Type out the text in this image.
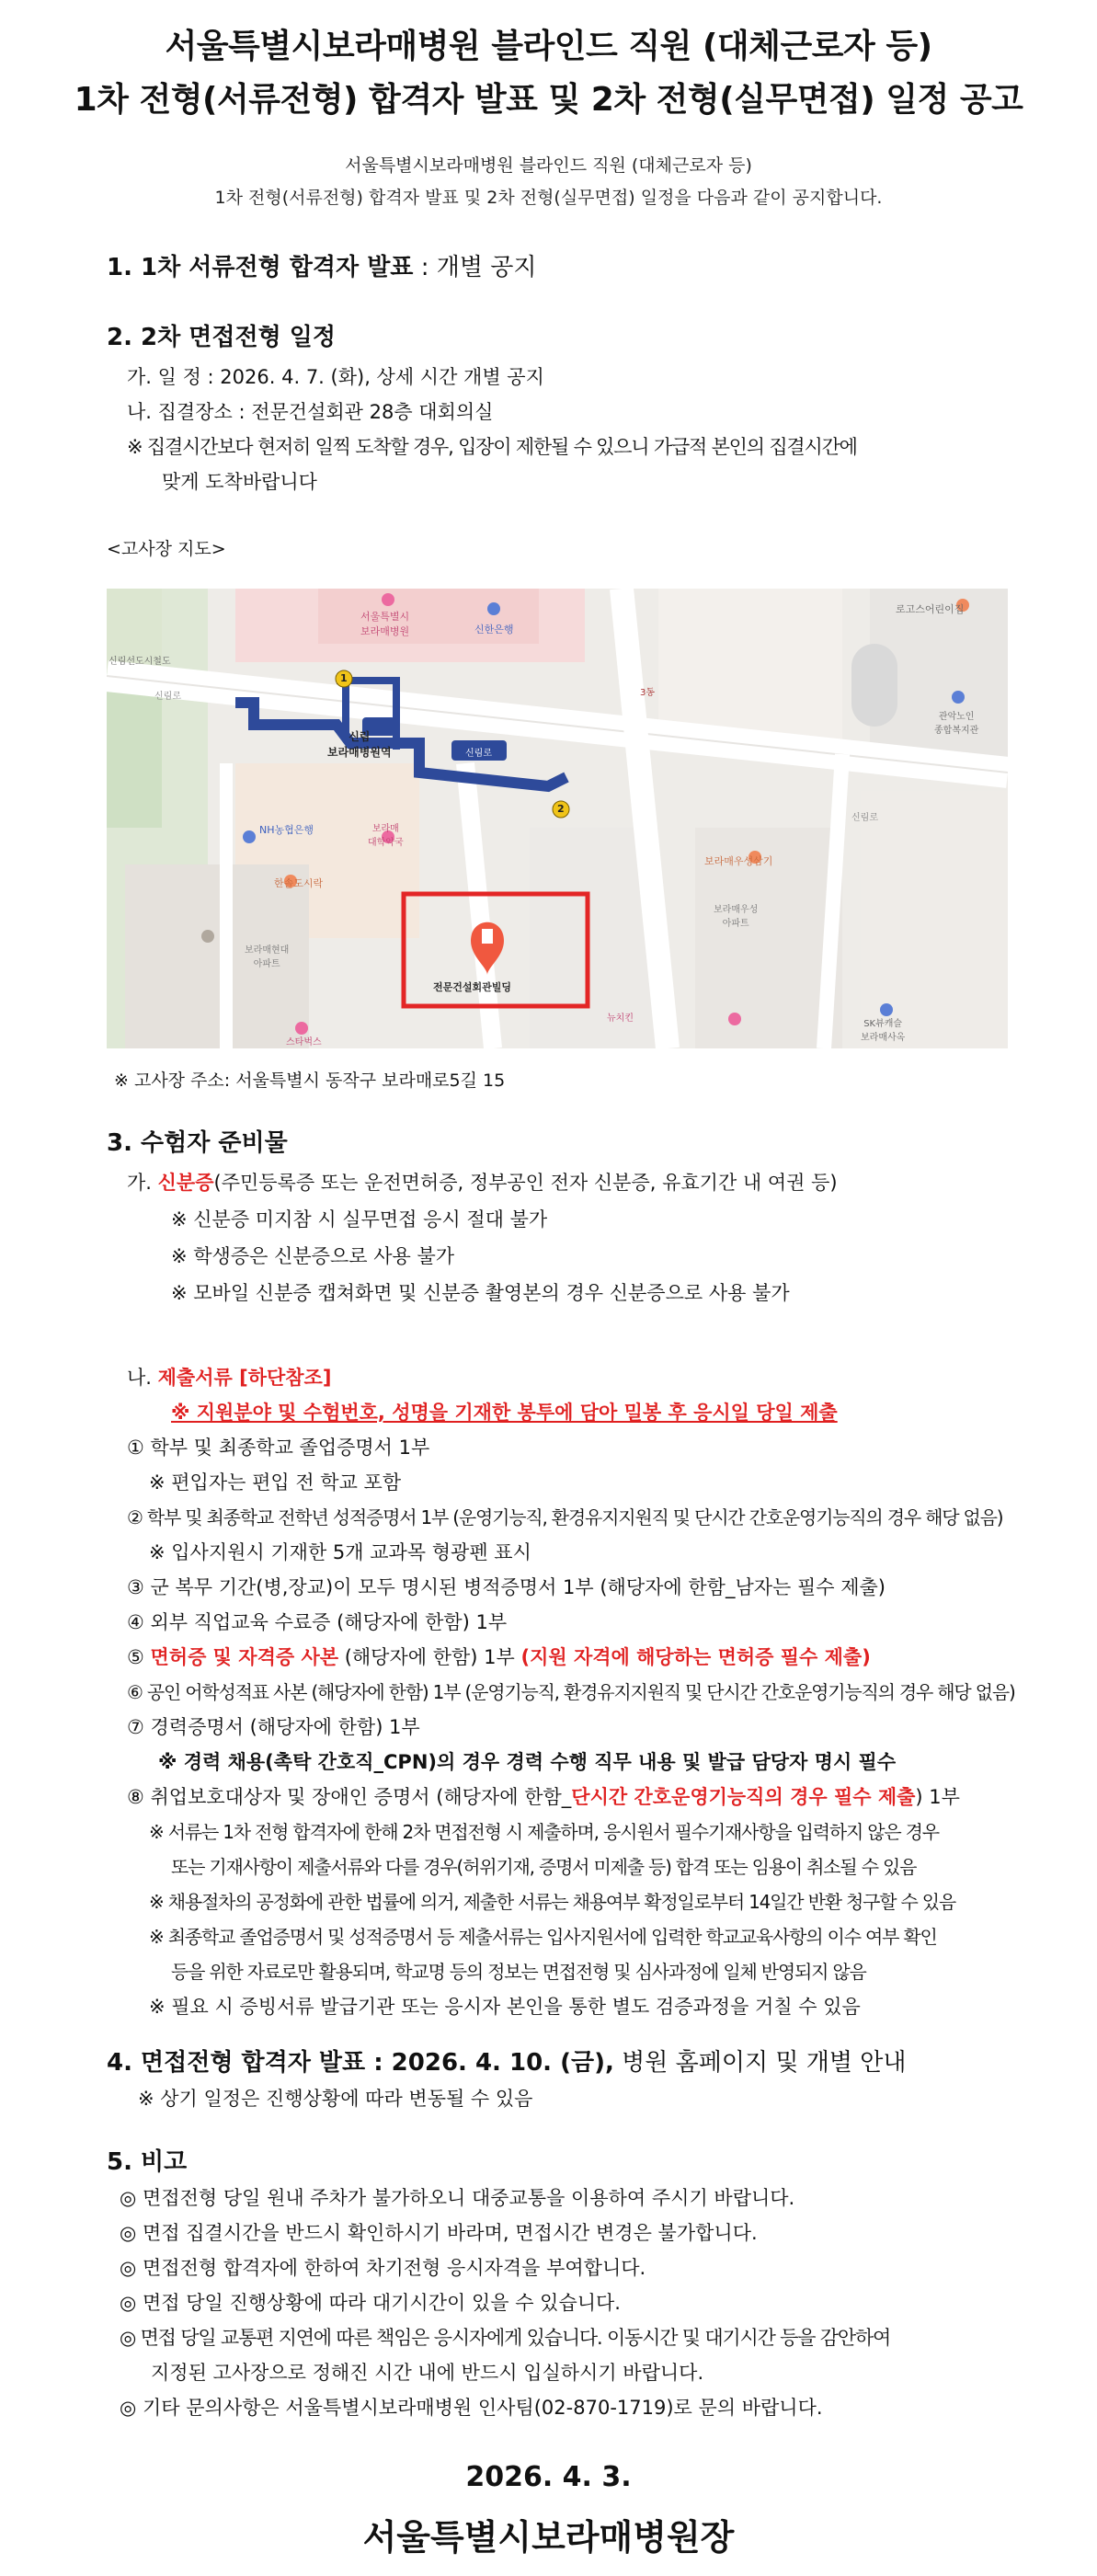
서울특별시보라매병원 블라인드 직원 (대체근로자 등)
1차 전형(서류전형) 합격자 발표 및 2차 전형(실무면접) 일정 공고
서울특별시보라매병원 블라인드 직원 (대체근로자 등)
1차 전형(서류전형) 합격자 발표 및 2차 전형(실무면접) 일정을 다음과 같이 공지합니다.
1. 1차 서류전형 합격자 발표 : 개별 공지
2. 2차 면접전형 일정
가. 일 정 : 2026. 4. 7. (화), 상세 시간 개별 공지
나. 집결장소 : 전문건설회관 28층 대회의실
※ 집결시간보다 현저히 일찍 도착할 경우, 입장이 제한될 수 있으니 가급적 본인의 집결시간에
맞게 도착바랍니다
<고사장 지도>
신림선도시철도
서울특별시
보라매병원	신한은행
로고스어린이집
관악노인
종합복지관
신림
보라매병원역
NH농협은행	보라매
대학약국
한솔도시락
보라매현대
아파트
전문건설회관빌딩
보라매우성삼기
보라매우성
아파트
스타벅스
SK뷰캐슬
보라매사옥
뉴치킨
신림로
신림로
신림로
1
2
3동
※ 고사장 주소: 서울특별시 동작구 보라매로5길 15
3. 수험자 준비물
가. 신분증(주민등록증 또는 운전면허증, 정부공인 전자 신분증, 유효기간 내 여권 등)
※ 신분증 미지참 시 실무면접 응시 절대 불가
※ 학생증은 신분증으로 사용 불가
※ 모바일 신분증 캡쳐화면 및 신분증 촬영본의 경우 신분증으로 사용 불가
나. 제출서류 [하단참조]
※ 지원분야 및 수험번호, 성명을 기재한 봉투에 담아 밀봉 후 응시일 당일 제출
① 학부 및 최종학교 졸업증명서 1부
※ 편입자는 편입 전 학교 포함
② 학부 및 최종학교 전학년 성적증명서 1부 (운영기능직, 환경유지지원직 및 단시간 간호운영기능직의 경우 해당 없음)
※ 입사지원시 기재한 5개 교과목 형광펜 표시
③ 군 복무 기간(병,장교)이 모두 명시된 병적증명서 1부 (해당자에 한함_남자는 필수 제출)
④ 외부 직업교육 수료증 (해당자에 한함) 1부
⑤ 면허증 및 자격증 사본 (해당자에 한함) 1부 (지원 자격에 해당하는 면허증 필수 제출)
⑥ 공인 어학성적표 사본 (해당자에 한함) 1부 (운영기능직, 환경유지지원직 및 단시간 간호운영기능직의 경우 해당 없음)
⑦ 경력증명서 (해당자에 한함) 1부
※ 경력 채용(촉탁 간호직_CPN)의 경우 경력 수행 직무 내용 및 발급 담당자 명시 필수
⑧ 취업보호대상자 및 장애인 증명서 (해당자에 한함_단시간 간호운영기능직의 경우 필수 제출) 1부
※ 서류는 1차 전형 합격자에 한해 2차 면접전형 시 제출하며, 응시원서 필수기재사항을 입력하지 않은 경우
또는 기재사항이 제출서류와 다를 경우(허위기재, 증명서 미제출 등) 합격 또는 임용이 취소될 수 있음
※ 채용절차의 공정화에 관한 법률에 의거, 제출한 서류는 채용여부 확정일로부터 14일간 반환 청구할 수 있음
※ 최종학교 졸업증명서 및 성적증명서 등 제출서류는 입사지원서에 입력한 학교교육사항의 이수 여부 확인
등을 위한 자료로만 활용되며, 학교명 등의 정보는 면접전형 및 심사과정에 일체 반영되지 않음
※ 필요 시 증빙서류 발급기관 또는 응시자 본인을 통한 별도 검증과정을 거칠 수 있음
4. 면접전형 합격자 발표 : 2026. 4. 10. (금), 병원 홈페이지 및 개별 안내
※ 상기 일정은 진행상황에 따라 변동될 수 있음
5. 비고
◎ 면접전형 당일 원내 주차가 불가하오니 대중교통을 이용하여 주시기 바랍니다.
◎ 면접 집결시간을 반드시 확인하시기 바라며, 면접시간 변경은 불가합니다.
◎ 면접전형 합격자에 한하여 차기전형 응시자격을 부여합니다.
◎ 면접 당일 진행상황에 따라 대기시간이 있을 수 있습니다.
◎ 면접 당일 교통편 지연에 따른 책임은 응시자에게 있습니다. 이동시간 및 대기시간 등을 감안하여
지정된 고사장으로 정해진 시간 내에 반드시 입실하시기 바랍니다.
◎ 기타 문의사항은 서울특별시보라매병원 인사팀(02-870-1719)로 문의 바랍니다.
2026. 4. 3.
서울특별시보라매병원장
